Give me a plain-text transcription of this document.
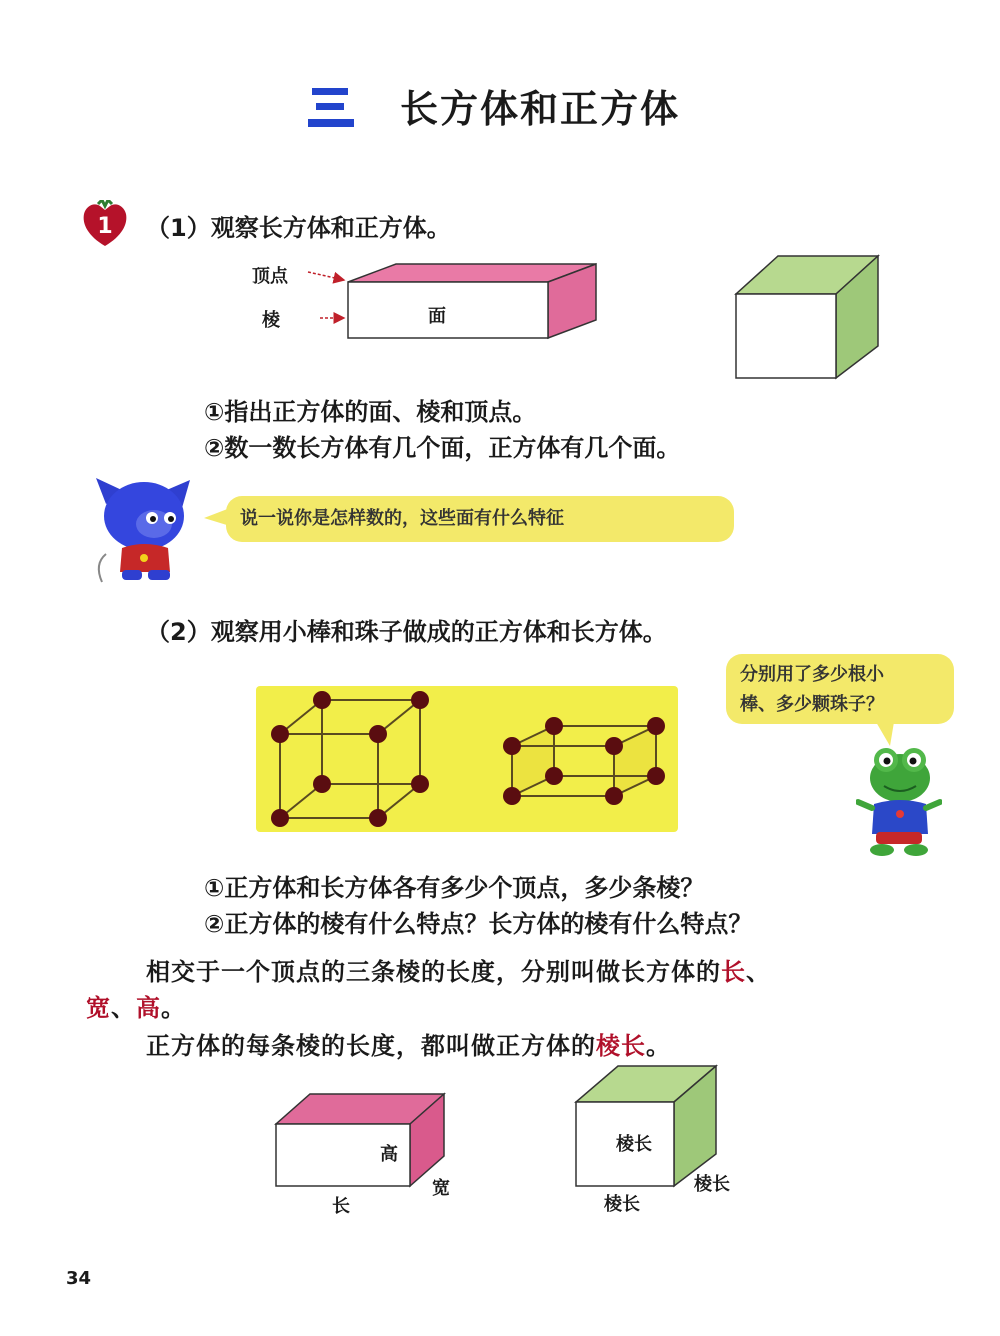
长方体和正方体
1 （1）观察长方体和正方体。
顶点
棱	面
①指出正方体的面、棱和顶点。
②数一数长方体有几个面，正方体有几个面。
说一说你是怎样数的，这些面有什么特征
（2）观察用小棒和珠子做成的正方体和长方体。
分别用了多少根小
棒、多少颗珠子？
①正方体和长方体各有多少个顶点，多少条棱？
②正方体的棱有什么特点？长方体的棱有什么特点？
相交于一个顶点的三条棱的长度，分别叫做长方体的长、
宽、高。
正方体的每条棱的长度，都叫做正方体的棱长。
高
宽
长
棱长
棱长
棱长
34
